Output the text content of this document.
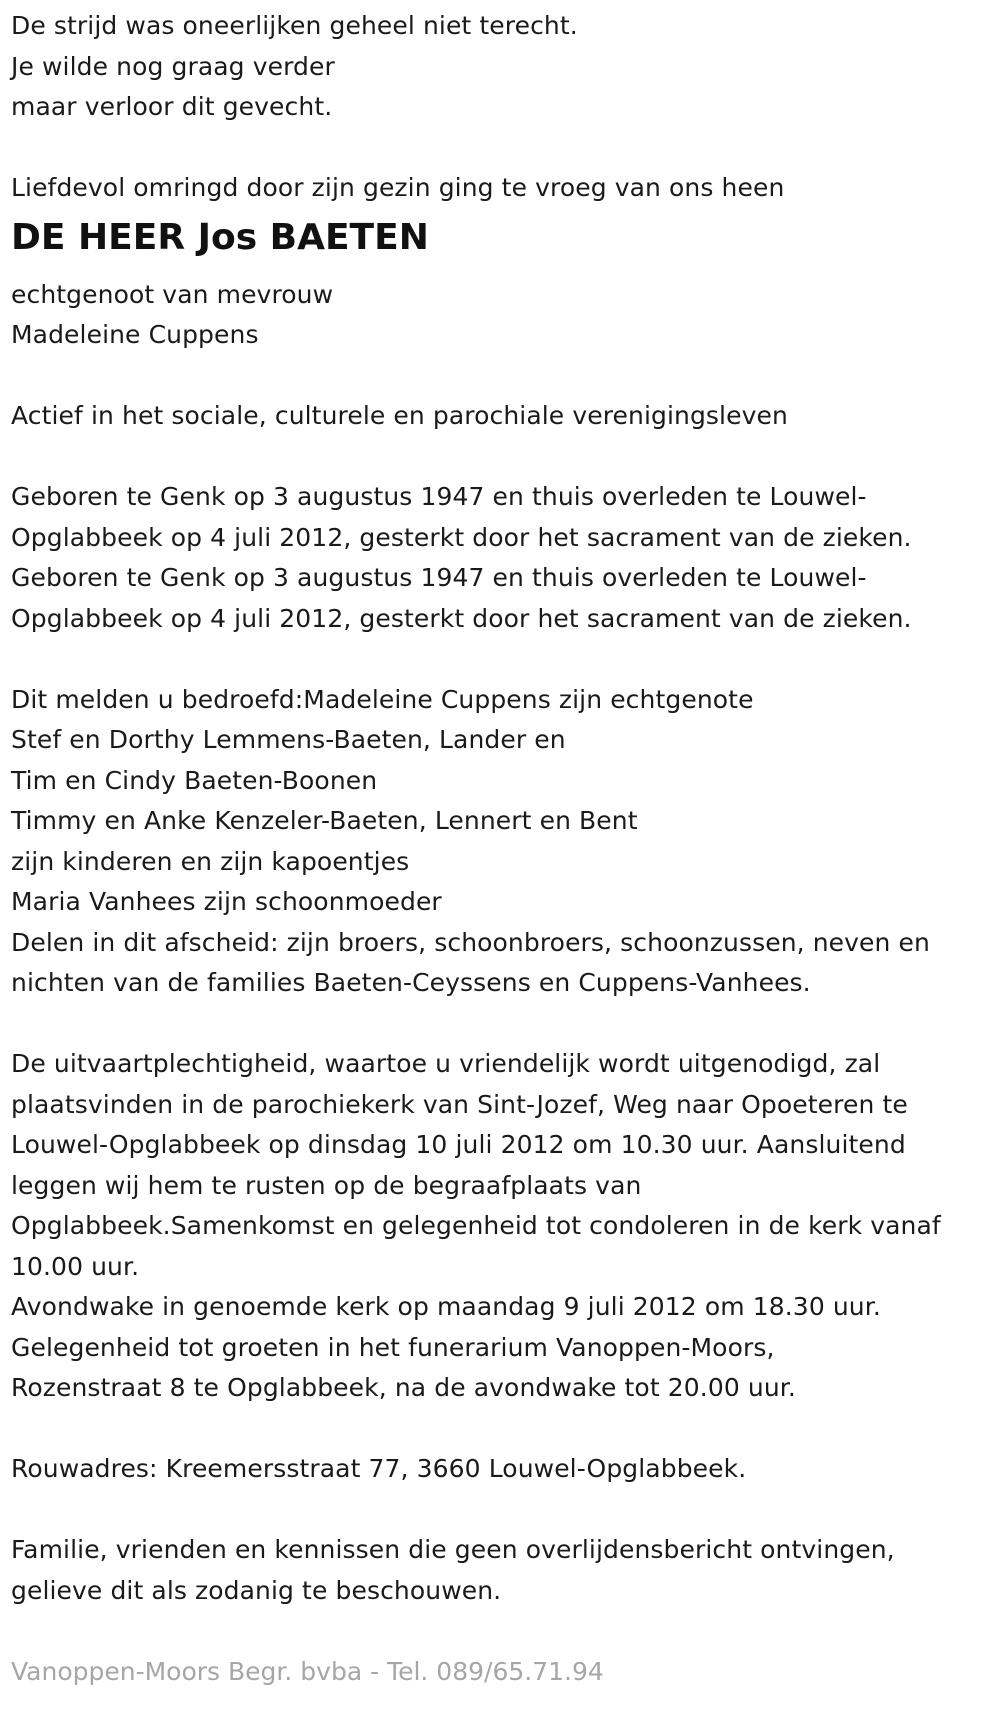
De strijd was oneerlijken geheel niet terecht.
Je wilde nog graag verder
maar verloor dit gevecht.
Liefdevol omringd door zijn gezin ging te vroeg van ons heen
DE HEER Jos BAETEN
echtgenoot van mevrouw
Madeleine Cuppens
Actief in het sociale, culturele en parochiale verenigingsleven
Geboren te Genk op 3 augustus 1947 en thuis overleden te Louwel-
Opglabbeek op 4 juli 2012, gesterkt door het sacrament van de zieken.
Geboren te Genk op 3 augustus 1947 en thuis overleden te Louwel-
Opglabbeek op 4 juli 2012, gesterkt door het sacrament van de zieken.
Dit melden u bedroefd:Madeleine Cuppens zijn echtgenote
Stef en Dorthy Lemmens-Baeten, Lander en
Tim en Cindy Baeten-Boonen
Timmy en Anke Kenzeler-Baeten, Lennert en Bent
zijn kinderen en zijn kapoentjes
Maria Vanhees zijn schoonmoeder
Delen in dit afscheid: zijn broers, schoonbroers, schoonzussen, neven en
nichten van de families Baeten-Ceyssens en Cuppens-Vanhees.
De uitvaartplechtigheid, waartoe u vriendelijk wordt uitgenodigd, zal
plaatsvinden in de parochiekerk van Sint-Jozef, Weg naar Opoeteren te
Louwel-Opglabbeek op dinsdag 10 juli 2012 om 10.30 uur. Aansluitend
leggen wij hem te rusten op de begraafplaats van
Opglabbeek.Samenkomst en gelegenheid tot condoleren in de kerk vanaf
10.00 uur.
Avondwake in genoemde kerk op maandag 9 juli 2012 om 18.30 uur.
Gelegenheid tot groeten in het funerarium Vanoppen-Moors,
Rozenstraat 8 te Opglabbeek, na de avondwake tot 20.00 uur.
Rouwadres: Kreemersstraat 77, 3660 Louwel-Opglabbeek.
Familie, vrienden en kennissen die geen overlijdensbericht ontvingen,
gelieve dit als zodanig te beschouwen.
Vanoppen-Moors Begr. bvba - Tel. 089/65.71.94
